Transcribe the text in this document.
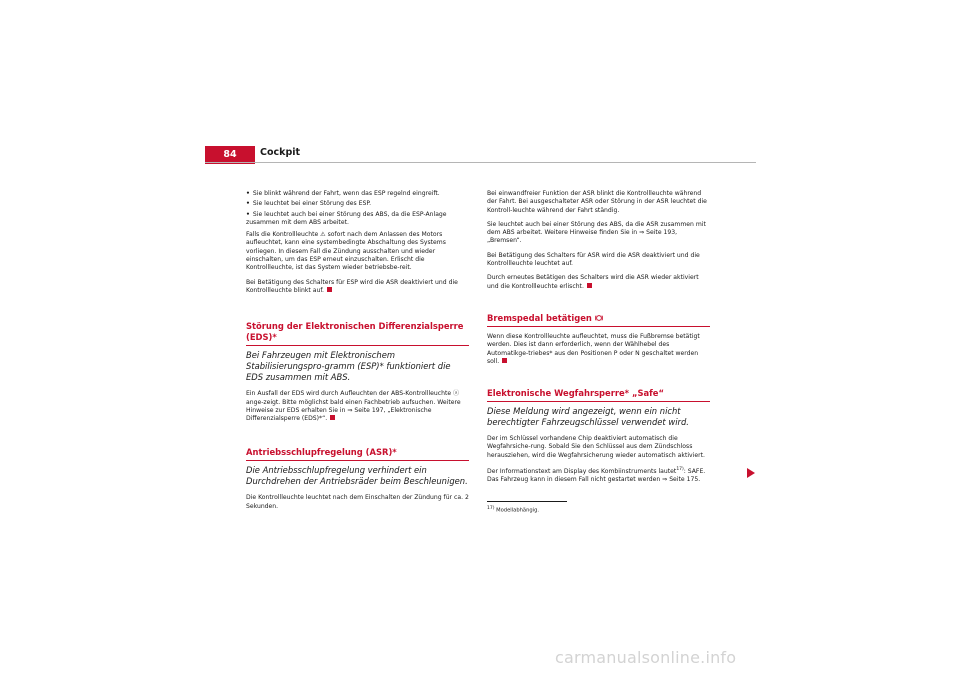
84	Cockpit

• Sie blinkt während der Fahrt, wenn das ESP regelnd eingreift.

• Sie leuchtet bei einer Störung des ESP.

• Sie leuchtet auch bei einer Störung des ABS, da die ESP-Anlage zusammen mit dem ABS arbeitet.

Falls die Kontrollleuchte ⚠ sofort nach dem Anlassen des Motors aufleuchtet, kann eine systembedingte Abschaltung des Systems vorliegen. In diesem Fall die Zündung ausschalten und wieder einschalten, um das ESP erneut einzuschalten. Erlischt die Kontrollleuchte, ist das System wieder betriebsbe-reit.

Bei Betätigung des Schalters für ESP wird die ASR deaktiviert und die Kontrollleuchte blinkt auf.

Störung der Elektronischen Differenzialsperre (EDS)*
Bei Fahrzeugen mit Elektronischem Stabilisierungspro-gramm (ESP)* funktioniert die EDS zusammen mit ABS.

Ein Ausfall der EDS wird durch Aufleuchten der ABS-Kontrollleuchte ⓐ ange-zeigt. Bitte möglichst bald einen Fachbetrieb aufsuchen. Weitere Hinweise zur EDS erhalten Sie in ⇒ Seite 197, „Elektronische Differenzialsperre (EDS)*“.

Antriebsschlupfregelung (ASR)*
Die Antriebsschlupfregelung verhindert ein Durchdrehen der Antriebsräder beim Beschleunigen.

Die Kontrollleuchte leuchtet nach dem Einschalten der Zündung für ca. 2 Sekunden.

Bei einwandfreier Funktion der ASR blinkt die Kontrollleuchte während der Fahrt. Bei ausgeschalteter ASR oder Störung in der ASR leuchtet die Kontroll-leuchte während der Fahrt ständig.

Sie leuchtet auch bei einer Störung des ABS, da die ASR zusammen mit dem ABS arbeitet. Weitere Hinweise finden Sie in ⇒ Seite 193, „Bremsen“.

Bei Betätigung des Schalters für ASR wird die ASR deaktiviert und die Kontrollleuchte leuchtet auf.

Durch erneutes Betätigen des Schalters wird die ASR wieder aktiviert und die Kontrollleuchte erlischt.

Bremspedal betätigen

Wenn diese Kontrollleuchte aufleuchtet, muss die Fußbremse betätigt werden. Dies ist dann erforderlich, wenn der Wählhebel des Automatikge-triebes* aus den Positionen P oder N geschaltet werden soll.

Elektronische Wegfahrsperre* „Safe“
Diese Meldung wird angezeigt, wenn ein nicht berechtigter Fahrzeugschlüssel verwendet wird.

Der im Schlüssel vorhandene Chip deaktiviert automatisch die Wegfahrsiche-rung. Sobald Sie den Schlüssel aus dem Zündschloss herausziehen, wird die Wegfahrsicherung wieder automatisch aktiviert.

Der Informationstext am Display des Kombiinstruments lautet$^{17)}$: SAFE. Das Fahrzeug kann in diesem Fall nicht gestartet werden ⇒ Seite 175.

$^{17)}$ Modellabhängig.
carmanualsonline.info
